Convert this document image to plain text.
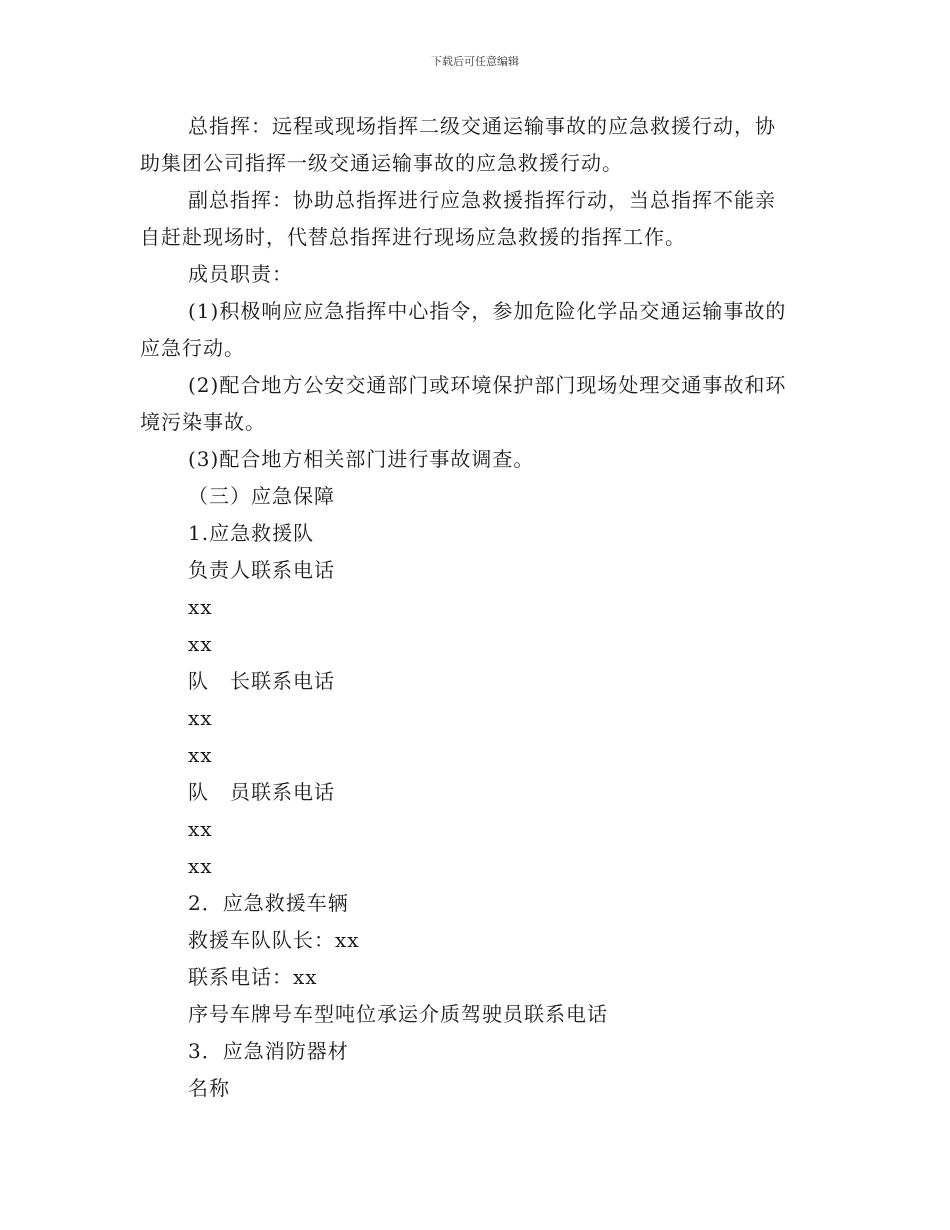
下载后可任意编辑
总指挥：远程或现场指挥二级交通运输事故的应急救援行动，协
助集团公司指挥一级交通运输事故的应急救援行动。
副总指挥：协助总指挥进行应急救援指挥行动，当总指挥不能亲
自赶赴现场时，代替总指挥进行现场应急救援的指挥工作。
成员职责：
(1)积极响应应急指挥中心指令，参加危险化学品交通运输事故的
应急行动。
(2)配合地方公安交通部门或环境保护部门现场处理交通事故和环
境污染事故。
(3)配合地方相关部门进行事故调查。
（三）应急保障
1.应急救援队
负责人联系电话
xx
xx
队　长联系电话
xx
xx
队　员联系电话
xx
xx
2．应急救援车辆
救援车队队长：xx
联系电话：xx
序号车牌号车型吨位承运介质驾驶员联系电话
3．应急消防器材
名称
